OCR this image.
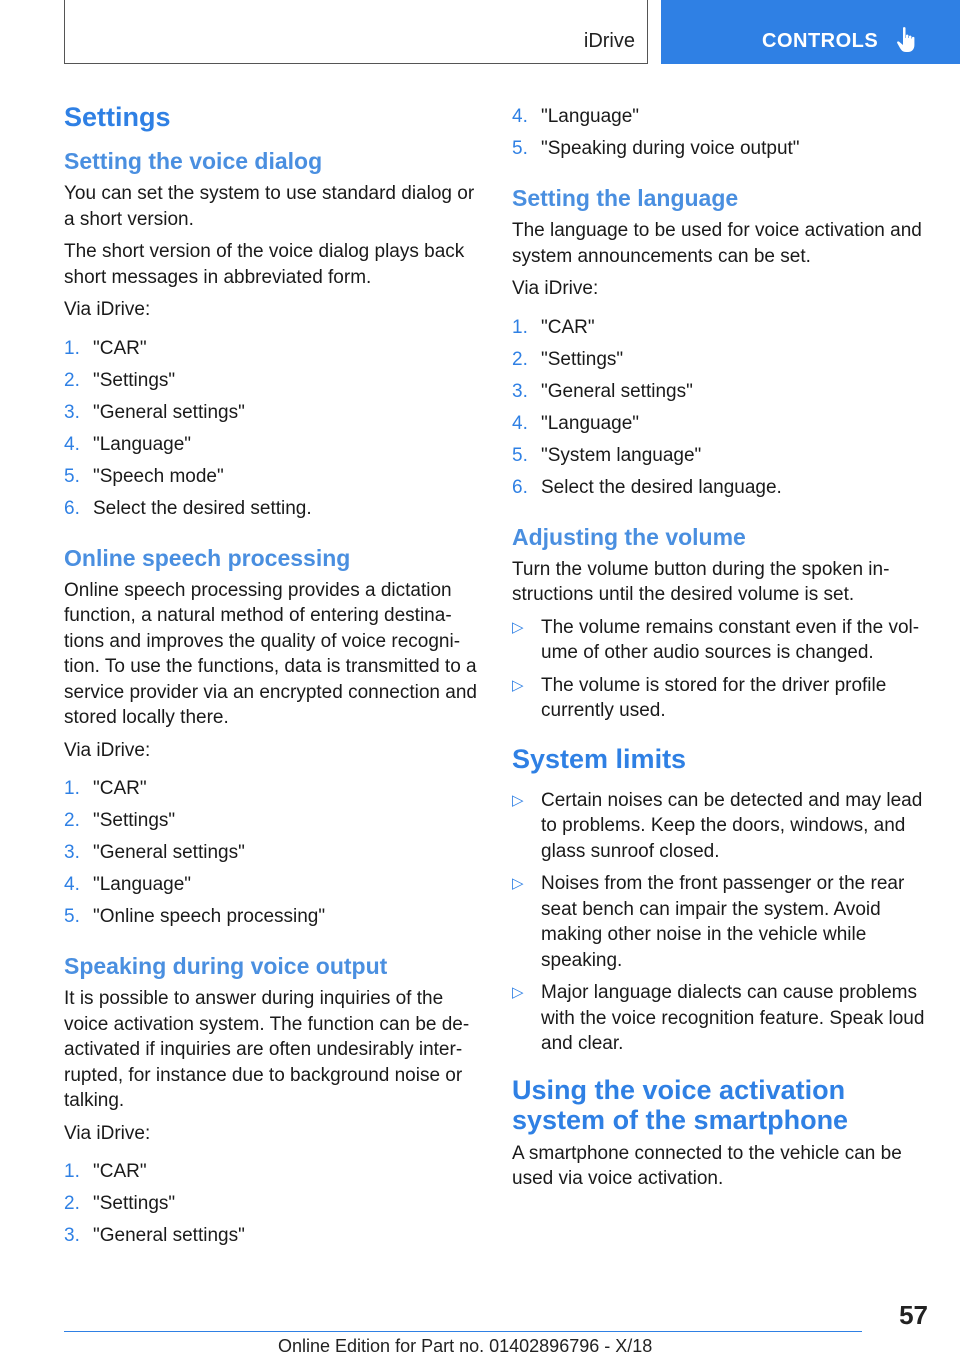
iDrive	CONTROLS
Settings
Setting the voice dialog

You can set the system to use standard dialog or a short version.

The short version of the voice dialog plays back short messages in abbreviated form.

Via iDrive:

1. "CAR"
2. "Settings"
3. "General settings"
4. "Language"
5. "Speech mode"
6. Select the desired setting.
Online speech processing

Online speech processing provides a dictation function, a natural method of entering destinations and improves the quality of voice recognition. To use the functions, data is transmitted to a service provider via an encrypted connection and stored locally there.

Via iDrive:

1. "CAR"
2. "Settings"
3. "General settings"
4. "Language"
5. "Online speech processing"
Speaking during voice output

It is possible to answer during inquiries of the voice activation system. The function can be deactivated if inquiries are often undesirably interrupted, for instance due to background noise or talking.

Via iDrive:

1. "CAR"
2. "Settings"
3. "General settings"
4. "Language"
5. "Speaking during voice output"
Setting the language

The language to be used for voice activation and system announcements can be set.

Via iDrive:

1. "CAR"
2. "Settings"
3. "General settings"
4. "Language"
5. "System language"
6. Select the desired language.
Adjusting the volume

Turn the volume button during the spoken instructions until the desired volume is set.

▷ The volume remains constant even if the volume of other audio sources is changed.
▷ The volume is stored for the driver profile currently used.
System limits
▷ Certain noises can be detected and may lead to problems. Keep the doors, windows, and glass sunroof closed.
▷ Noises from the front passenger or the rear seat bench can impair the system. Avoid making other noise in the vehicle while speaking.
▷ Major language dialects can cause problems with the voice recognition feature. Speak loud and clear.
Using the voice activation system of the smartphone

A smartphone connected to the vehicle can be used via voice activation.

57
Online Edition for Part no. 01402896796 - X/18
